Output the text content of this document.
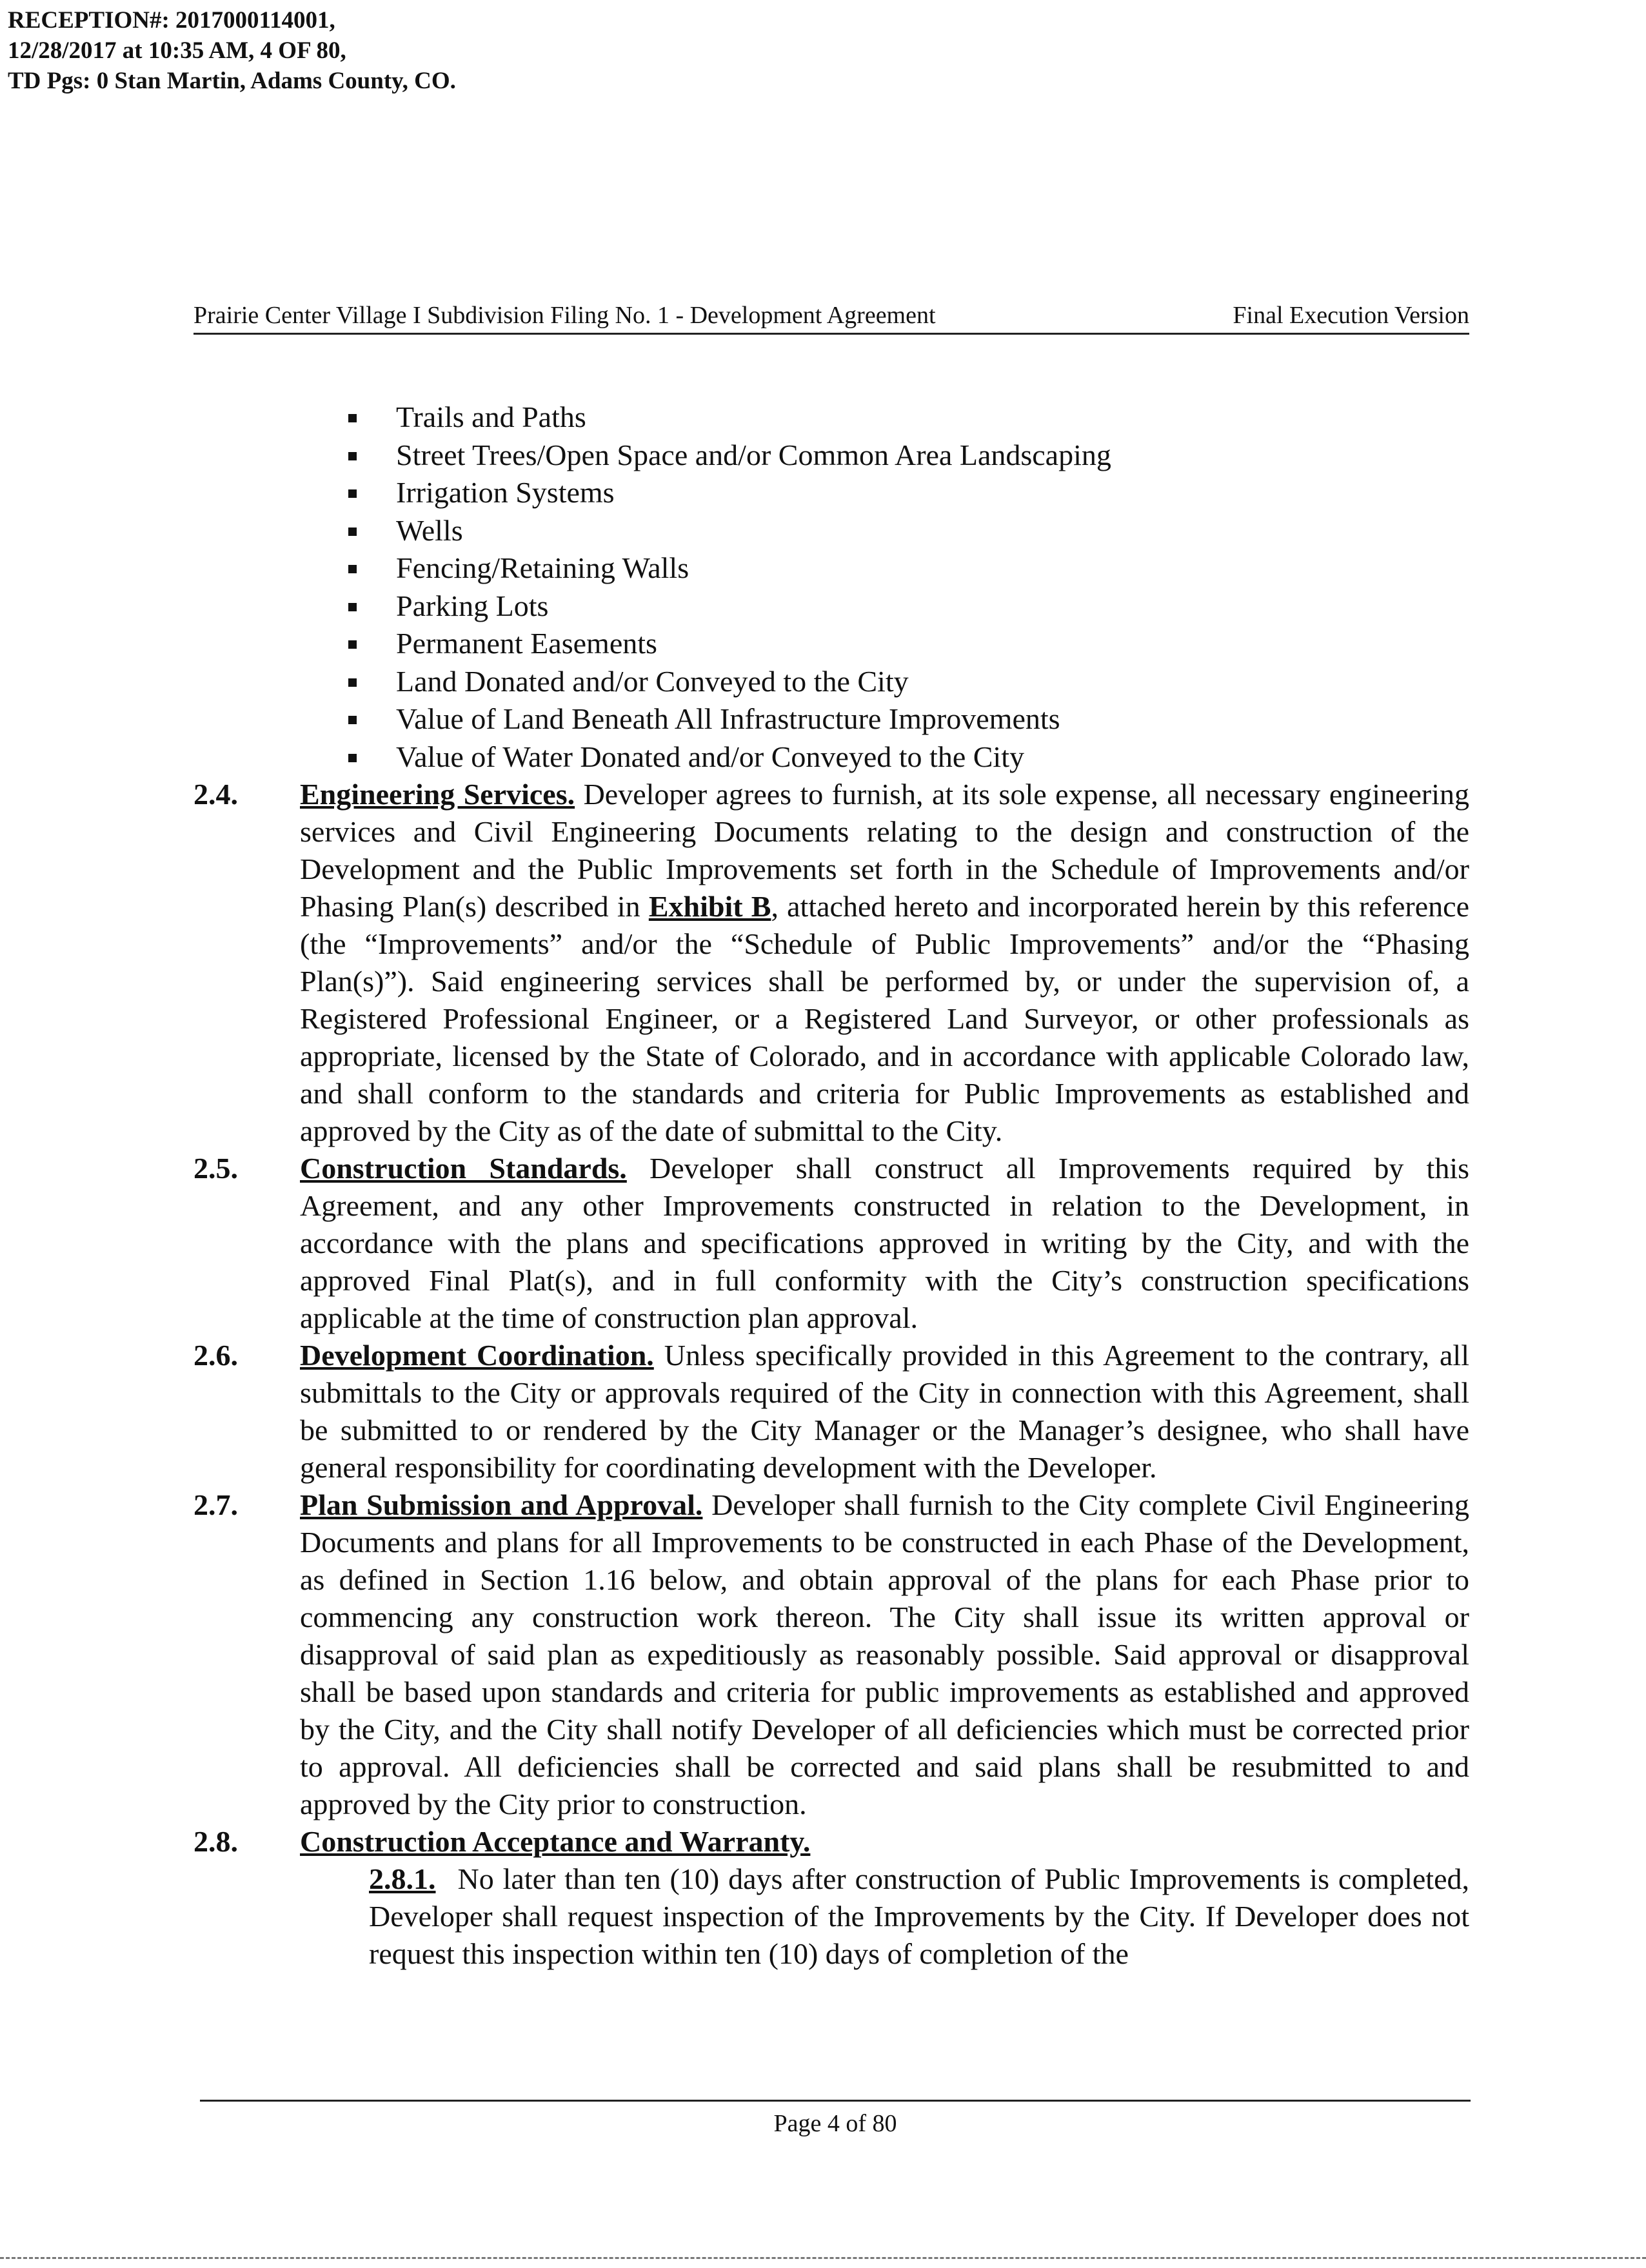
RECEPTION#: 2017000114001,
12/28/2017 at 10:35 AM, 4 OF 80,
TD Pgs: 0 Stan Martin, Adams County, CO.
Prairie Center Village I Subdivision Filing No. 1 - Development Agreement	Final Execution Version
Trails and Paths
Street Trees/Open Space and/or Common Area Landscaping
Irrigation Systems
Wells
Fencing/Retaining Walls
Parking Lots
Permanent Easements
Land Donated and/or Conveyed to the City
Value of Land Beneath All Infrastructure Improvements
Value of Water Donated and/or Conveyed to the City
2.4. Engineering Services. Developer agrees to furnish, at its sole expense, all necessary engineering services and Civil Engineering Documents relating to the design and construction of the Development and the Public Improvements set forth in the Schedule of Improvements and/or Phasing Plan(s) described in Exhibit B, attached hereto and incorporated herein by this reference (the “Improvements” and/or the “Schedule of Public Improvements” and/or the “Phasing Plan(s)”). Said engineering services shall be performed by, or under the supervision of, a Registered Professional Engineer, or a Registered Land Surveyor, or other professionals as appropriate, licensed by the State of Colorado, and in accordance with applicable Colorado law, and shall conform to the standards and criteria for Public Improvements as established and approved by the City as of the date of submittal to the City.
2.5. Construction Standards. Developer shall construct all Improvements required by this Agreement, and any other Improvements constructed in relation to the Development, in accordance with the plans and specifications approved in writing by the City, and with the approved Final Plat(s), and in full conformity with the City’s construction specifications applicable at the time of construction plan approval.
2.6. Development Coordination. Unless specifically provided in this Agreement to the contrary, all submittals to the City or approvals required of the City in connection with this Agreement, shall be submitted to or rendered by the City Manager or the Manager’s designee, who shall have general responsibility for coordinating development with the Developer.
2.7. Plan Submission and Approval. Developer shall furnish to the City complete Civil Engineering Documents and plans for all Improvements to be constructed in each Phase of the Development, as defined in Section 1.16 below, and obtain approval of the plans for each Phase prior to commencing any construction work thereon. The City shall issue its written approval or disapproval of said plan as expeditiously as reasonably possible. Said approval or disapproval shall be based upon standards and criteria for public improvements as established and approved by the City, and the City shall notify Developer of all deficiencies which must be corrected prior to approval. All deficiencies shall be corrected and said plans shall be resubmitted to and approved by the City prior to construction.
2.8. Construction Acceptance and Warranty.
2.8.1. No later than ten (10) days after construction of Public Improvements is completed, Developer shall request inspection of the Improvements by the City. If Developer does not request this inspection within ten (10) days of completion of the
Page 4 of 80
